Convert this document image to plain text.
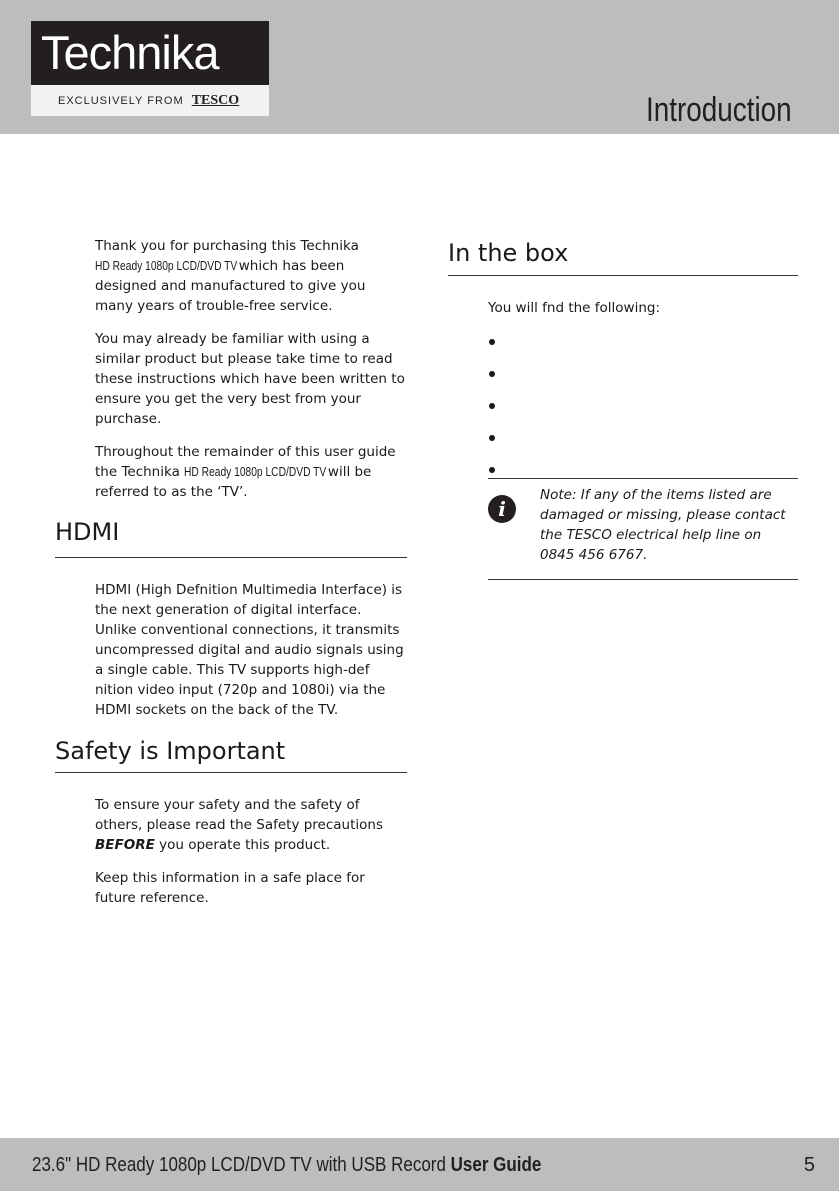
Technika
EXCLUSIVELY FROM TESCO	Introduction

Thank you for purchasing this Technika HD Ready 1080p LCD/DVD TV which has been designed and manufactured to give you many years of trouble-free service.

You may already be familiar with using a similar product but please take time to read these instructions which have been written to ensure you get the very best from your purchase.

Throughout the remainder of this user guide the Technika HD Ready 1080p LCD/DVD TV will be referred to as the ‘TV’.

HDMI

HDMI (High Defnition Multimedia Interface) is the next generation of digital interface. Unlike conventional connections, it transmits uncompressed digital and audio signals using a single cable. This TV supports high-def nition video input (720p and 1080i) via the HDMI sockets on the back of the TV.

Safety is Important

To ensure your safety and the safety of others, please read the Safety precautions BEFORE you operate this product.

Keep this information in a safe place for future reference.

In the box

You will fnd the following:

i

Note: If any of the items listed are damaged or missing, please contact the TESCO electrical help line on 0845 456 6767.

23.6" HD Ready 1080p LCD/DVD TV with USB Record User Guide	5
